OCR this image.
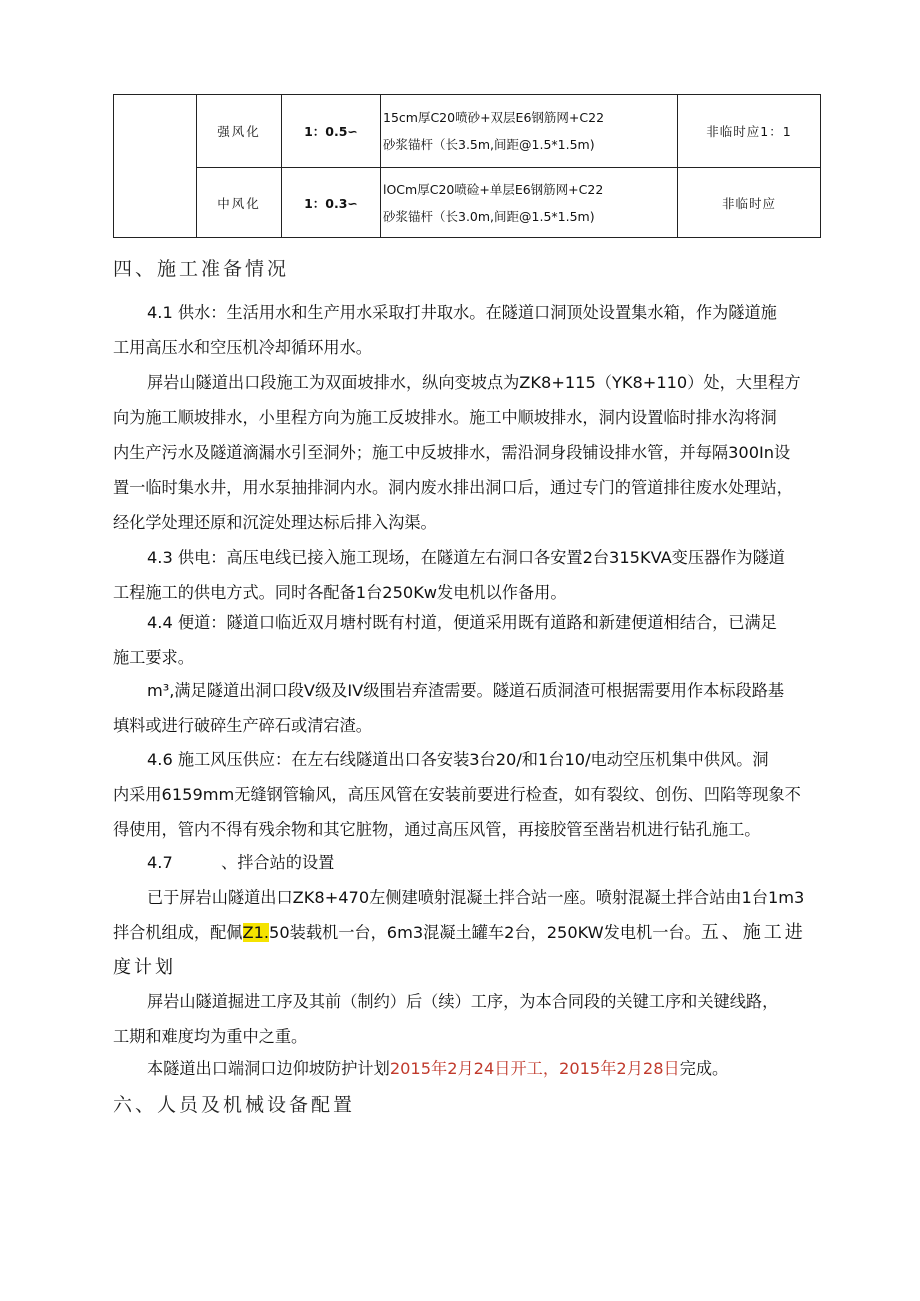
	强风化	1：0.5∽	15cm厚C20喷砂+双层E6钢筋网+C22
砂浆锚杆（长3.5m,间距@1.5*1.5m)	非临时应1：1
	中风化	1：0.3∽	lOCm厚C20喷硷+单层E6钢筋网+C22
砂浆锚杆（长3.0m,间距@1.5*1.5m)	非临时应
四、施工准备情况
4.1 供水：生活用水和生产用水采取打井取水。在隧道口洞顶处设置集水箱，作为隧道施
工用高压水和空压机冷却循环用水。
屏岩山隧道出口段施工为双面坡排水，纵向变坡点为ZK8+115（YK8+110）处，大里程方
向为施工顺坡排水，小里程方向为施工反坡排水。施工中顺坡排水，洞内设置临时排水沟将洞
内生产污水及隧道滴漏水引至洞外；施工中反坡排水，需沿洞身段铺设排水管，并每隔300In设
置一临时集水井，用水泵抽排洞内水。洞内废水排出洞口后，通过专门的管道排往废水处理站，
经化学处理还原和沉淀处理达标后排入沟渠。
4.3 供电：高压电线已接入施工现场，在隧道左右洞口各安置2台315KVA变压器作为隧道
工程施工的供电方式。同时各配备1台250Kw发电机以作备用。
4.4 便道：隧道口临近双月塘村既有村道，便道采用既有道路和新建便道相结合，已满足
施工要求。
m³,满足隧道出洞口段V级及IV级围岩弃渣需要。隧道石质洞渣可根据需要用作本标段路基
填料或进行破碎生产碎石或清宕渣。
4.6 施工风压供应：在左右线隧道出口各安装3台20/和1台10/电动空压机集中供风。洞
内采用6159mm无缝钢管输风，高压风管在安装前要进行检查，如有裂纹、创伤、凹陷等现象不
得使用，管内不得有残余物和其它脏物，通过高压风管，再接胶管至凿岩机进行钻孔施工。
4.7	、拌合站的设置
已于屏岩山隧道出口ZK8+470左侧建喷射混凝土拌合站一座。喷射混凝土拌合站由1台1m3
拌合机组成，配佩Z1.50装载机一台，6m3混凝土罐车2台，250KW发电机一台。五、施工进
度计划
屏岩山隧道掘进工序及其前（制约）后（续）工序，为本合同段的关键工序和关键线路，
工期和难度均为重中之重。
本隧道出口端洞口边仰坡防护计划2015年2月24日开工，2015年2月28日完成。
六、人员及机械设备配置
